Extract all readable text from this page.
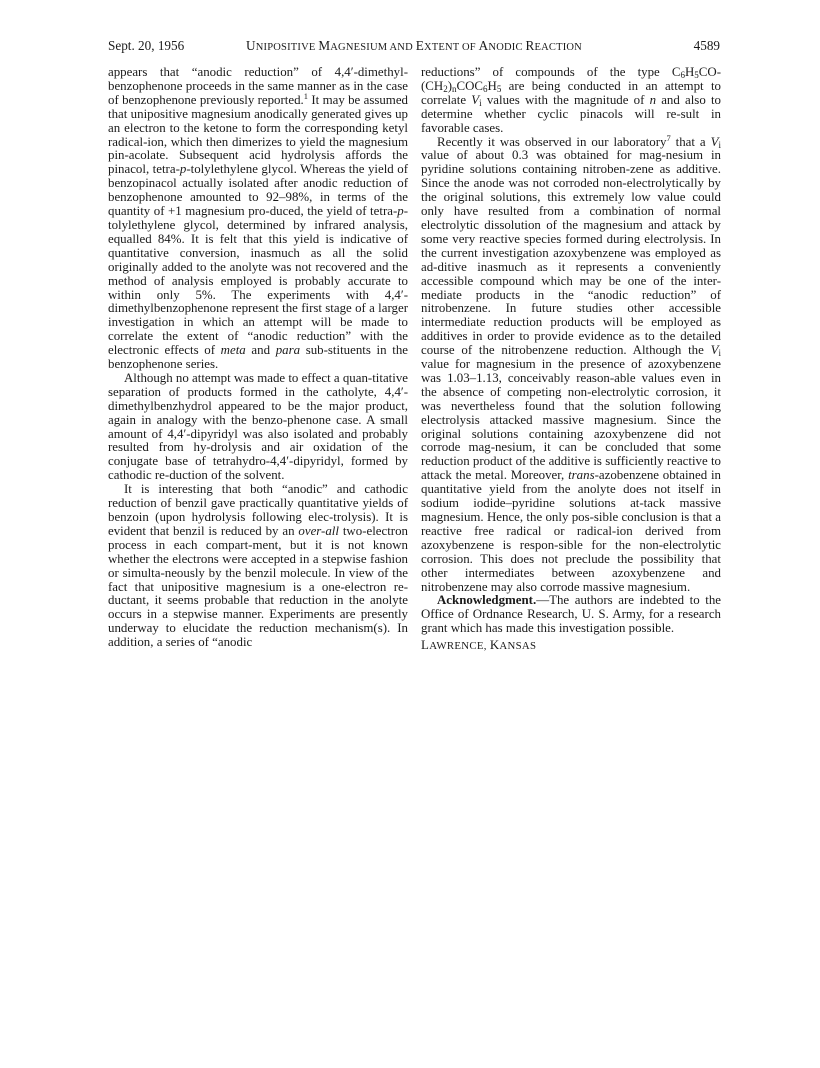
Sept. 20, 1956	UNIPOSITIVE MAGNESIUM AND EXTENT OF ANODIC REACTION	4589

appears that “anodic reduction” of 4,4′-dimethyl-benzophenone proceeds in the same manner as in the case of benzophenone previously reported.$^1$ It may be assumed that unipositive magnesium anodically generated gives up an electron to the ketone to form the corresponding ketyl radical-ion, which then dimerizes to yield the magnesium pin-acolate. Subsequent acid hydrolysis affords the pinacol, tetra-p-tolylethylene glycol. Whereas the yield of benzopinacol actually isolated after anodic reduction of benzophenone amounted to 92–98%, in terms of the quantity of +1 magnesium pro-duced, the yield of tetra-p-tolylethylene glycol, determined by infrared analysis, equalled 84%. It is felt that this yield is indicative of quantitative conversion, inasmuch as all the solid originally added to the anolyte was not recovered and the method of analysis employed is probably accurate to within only 5%. The experiments with 4,4′-dimethylbenzophenone represent the first stage of a larger investigation in which an attempt will be made to correlate the extent of “anodic reduction” with the electronic effects of meta and para sub-stituents in the benzophenone series.

Although no attempt was made to effect a quan-titative separation of products formed in the catholyte, 4,4′-dimethylbenzhydrol appeared to be the major product, again in analogy with the benzo-phenone case. A small amount of 4,4′-dipyridyl was also isolated and probably resulted from hy-drolysis and air oxidation of the conjugate base of tetrahydro-4,4′-dipyridyl, formed by cathodic re-duction of the solvent.

It is interesting that both “anodic” and cathodic reduction of benzil gave practically quantitative yields of benzoin (upon hydrolysis following elec-trolysis). It is evident that benzil is reduced by an over-all two-electron process in each compart-ment, but it is not known whether the electrons were accepted in a stepwise fashion or simulta-neously by the benzil molecule. In view of the fact that unipositive magnesium is a one-electron re-ductant, it seems probable that reduction in the anolyte occurs in a stepwise manner. Experiments are presently underway to elucidate the reduction mechanism(s). In addition, a series of “anodic

reductions” of compounds of the type $C_6H_5CO-(CH_2)_nCOC_6H_5$ are being conducted in an attempt to correlate $V_i$ values with the magnitude of n and also to determine whether cyclic pinacols will re-sult in favorable cases.

Recently it was observed in our laboratory$^7$ that a $V_i$ value of about 0.3 was obtained for mag-nesium in pyridine solutions containing nitroben-zene as additive. Since the anode was not corroded non-electrolytically by the original solutions, this extremely low value could only have resulted from a combination of normal electrolytic dissolution of the magnesium and attack by some very reactive species formed during electrolysis. In the current investigation azoxybenzene was employed as ad-ditive inasmuch as it represents a conveniently accessible compound which may be one of the inter-mediate products in the “anodic reduction” of nitrobenzene. In future studies other accessible intermediate reduction products will be employed as additives in order to provide evidence as to the detailed course of the nitrobenzene reduction. Although the $V_i$ value for magnesium in the presence of azoxybenzene was 1.03–1.13, conceivably reason-able values even in the absence of competing non-electrolytic corrosion, it was nevertheless found that the solution following electrolysis attacked massive magnesium. Since the original solutions containing azoxybenzene did not corrode mag-nesium, it can be concluded that some reduction product of the additive is sufficiently reactive to attack the metal. Moreover, trans-azobenzene obtained in quantitative yield from the anolyte does not itself in sodium iodide–pyridine solutions at-tack massive magnesium. Hence, the only pos-sible conclusion is that a reactive free radical or radical-ion derived from azoxybenzene is respon-sible for the non-electrolytic corrosion. This does not preclude the possibility that other intermediates between azoxybenzene and nitrobenzene may also corrode massive magnesium.

Acknowledgment.—The authors are indebted to the Office of Ordnance Research, U. S. Army, for a research grant which has made this investigation possible.

LAWRENCE, KANSAS
